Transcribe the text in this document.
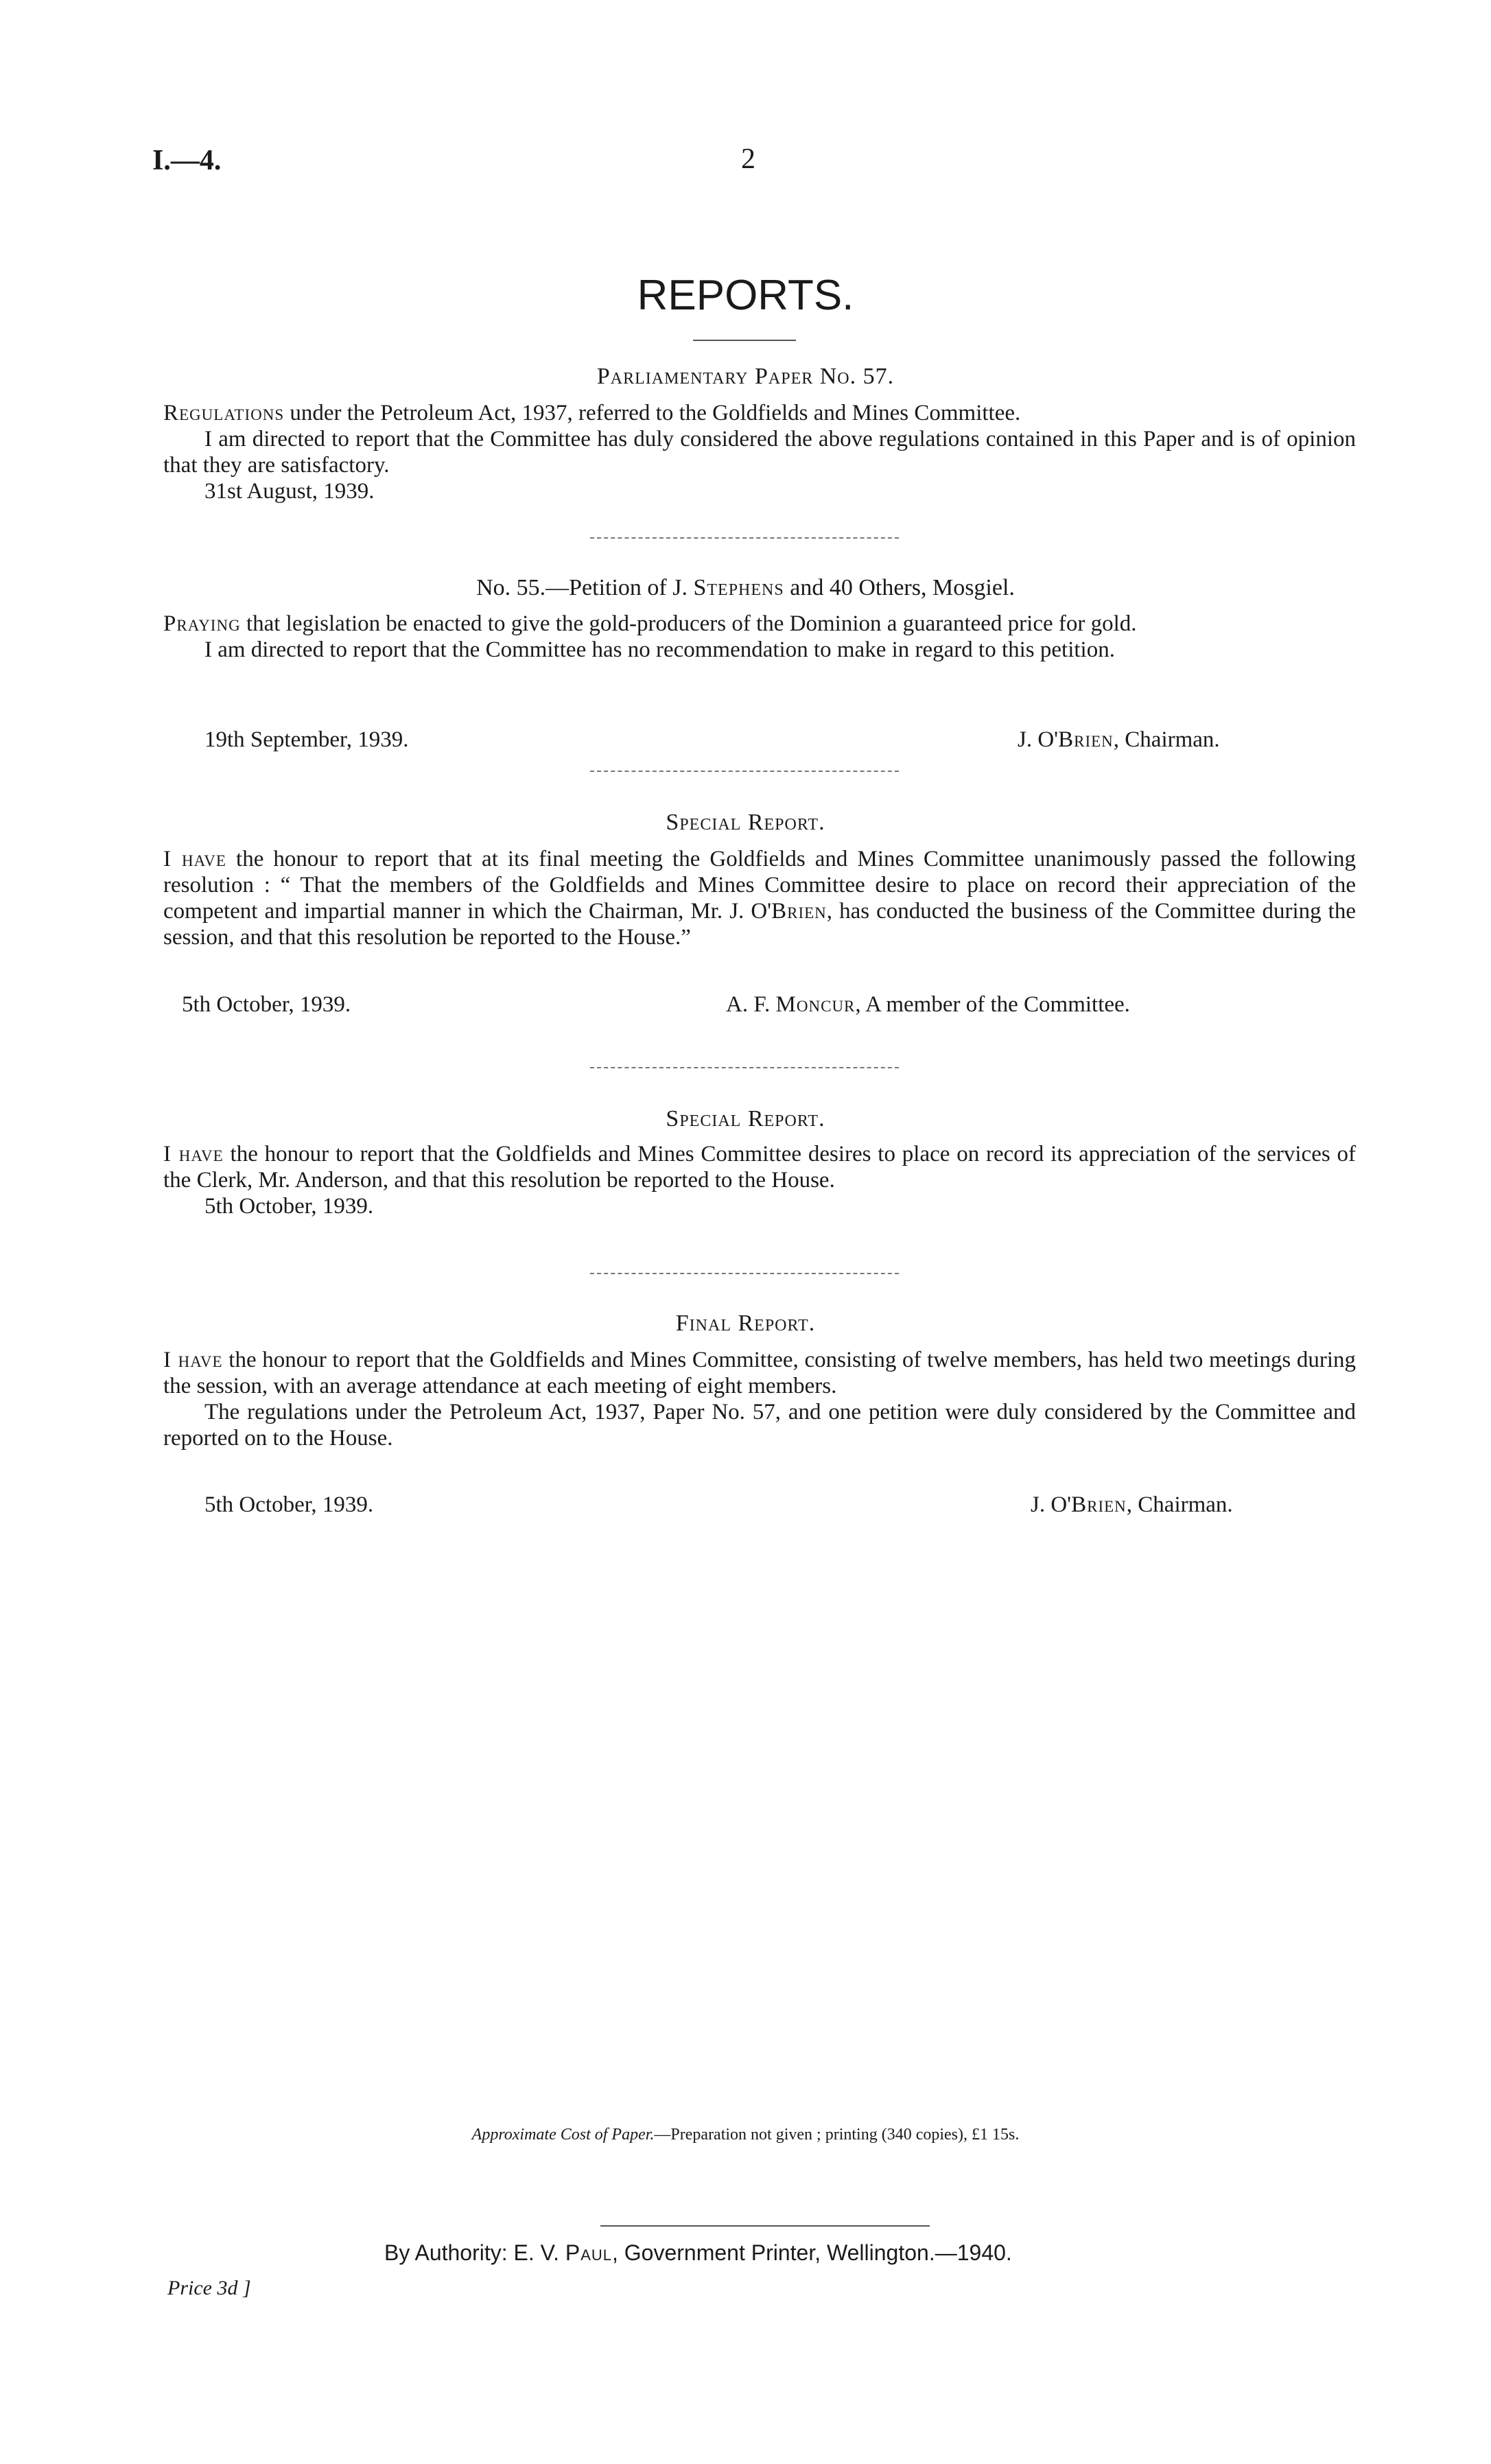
I.—4.	2
REPORTS.
Parliamentary Paper No. 57.

Regulations under the Petroleum Act, 1937, referred to the Goldfields and Mines Committee.

I am directed to report that the Committee has duly considered the above regulations contained in this Paper and is of opinion that they are satisfactory.

31st August, 1939.

No. 55.—Petition of J. Stephens and 40 Others, Mosgiel.

Praying that legislation be enacted to give the gold-producers of the Dominion a guaranteed price for gold.

I am directed to report that the Committee has no recommendation to make in regard to this petition.

19th September, 1939.	J. O'Brien, Chairman.
Special Report.

I have the honour to report that at its final meeting the Goldfields and Mines Committee unanimously passed the following resolution : “ That the members of the Goldfields and Mines Committee desire to place on record their appreciation of the competent and impartial manner in which the Chairman, Mr. J. O'Brien, has conducted the business of the Committee during the session, and that this resolution be reported to the House.”

5th October, 1939.	A. F. Moncur, A member of the Committee.
Special Report.

I have the honour to report that the Goldfields and Mines Committee desires to place on record its appreciation of the services of the Clerk, Mr. Anderson, and that this resolution be reported to the House.

5th October, 1939.

Final Report.

I have the honour to report that the Goldfields and Mines Committee, consisting of twelve members, has held two meetings during the session, with an average attendance at each meeting of eight members.

The regulations under the Petroleum Act, 1937, Paper No. 57, and one petition were duly considered by the Committee and reported on to the House.

5th October, 1939.	J. O'Brien, Chairman.
Approximate Cost of Paper.—Preparation not given ; printing (340 copies), £1 15s.
By Authority: E. V. Paul, Government Printer, Wellington.—1940.
Price 3d ]
